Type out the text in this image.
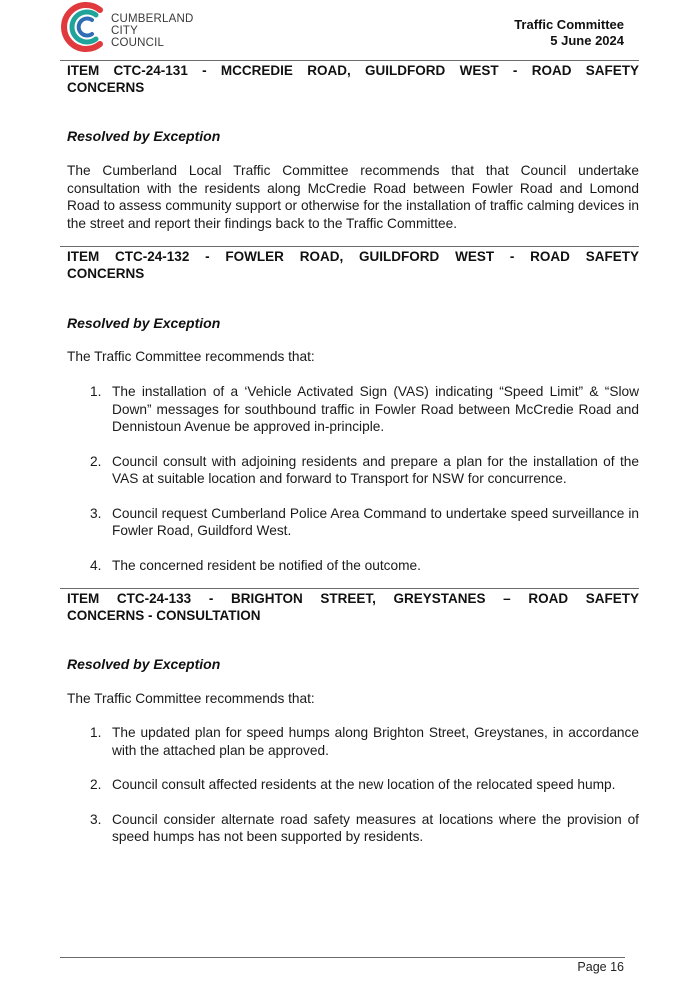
CUMBERLAND
CITY COUNCIL
Traffic Committee
5 June 2024
ITEM CTC-24-131 - MCCREDIE ROAD, GUILDFORD WEST - ROAD SAFETY
CONCERNS
Resolved by Exception
The Cumberland Local Traffic Committee recommends that that Council undertake consultation with the residents along McCredie Road between Fowler Road and Lomond Road to assess community support or otherwise for the installation of traffic calming devices in the street and report their findings back to the Traffic Committee.
ITEM CTC-24-132 - FOWLER ROAD, GUILDFORD WEST - ROAD SAFETY
CONCERNS
Resolved by Exception
The Traffic Committee recommends that:
1. The installation of a ‘Vehicle Activated Sign (VAS) indicating “Speed Limit” & “Slow Down” messages for southbound traffic in Fowler Road between McCredie Road and Dennistoun Avenue be approved in-principle.
2. Council consult with adjoining residents and prepare a plan for the installation of the VAS at suitable location and forward to Transport for NSW for concurrence.
3. Council request Cumberland Police Area Command to undertake speed surveillance in Fowler Road, Guildford West.
4. The concerned resident be notified of the outcome.
ITEM CTC-24-133 - BRIGHTON STREET, GREYSTANES – ROAD SAFETY
CONCERNS - CONSULTATION
Resolved by Exception
The Traffic Committee recommends that:
1. The updated plan for speed humps along Brighton Street, Greystanes, in accordance with the attached plan be approved.
2. Council consult affected residents at the new location of the relocated speed hump.
3. Council consider alternate road safety measures at locations where the provision of speed humps has not been supported by residents.
Page 16
